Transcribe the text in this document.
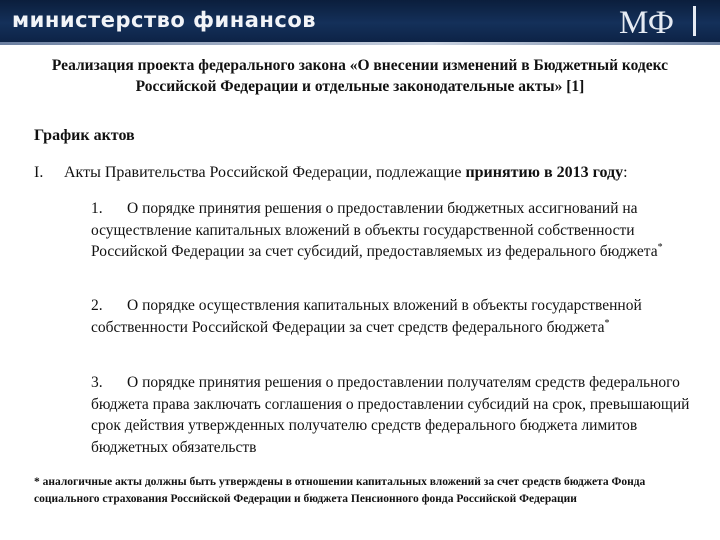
министерство финансов	МФ
Реализация проекта федерального закона «О внесении изменений в Бюджетный кодекс Российской Федерации и отдельные законодательные акты» [1]
График актов
I. Акты Правительства Российской Федерации, подлежащие принятию в 2013 году:
1. О порядке принятия решения о предоставлении бюджетных ассигнований на осуществление капитальных вложений в объекты государственной собственности Российской Федерации за счет субсидий, предоставляемых из федерального бюджета*
2. О порядке осуществления капитальных вложений в объекты государственной собственности Российской Федерации за счет средств федерального бюджета*
3. О порядке принятия решения о предоставлении получателям средств федерального бюджета права заключать соглашения о предоставлении субсидий на срок, превышающий срок действия утвержденных получателю средств федерального бюджета лимитов бюджетных обязательств
* аналогичные акты должны быть утверждены в отношении капитальных вложений за счет средств бюджета Фонда социального страхования Российской Федерации и бюджета Пенсионного фонда Российской Федерации
